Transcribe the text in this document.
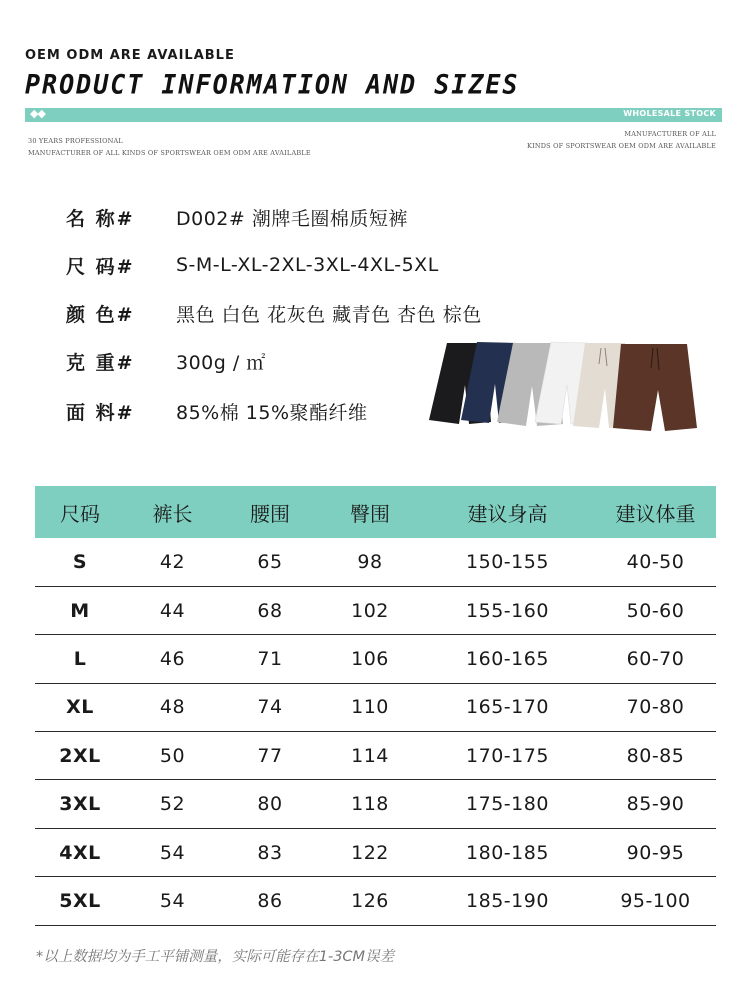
OEM ODM ARE AVAILABLE
PRODUCT INFORMATION AND SIZES
◆◆	WHOLESALE STOCK
30 YEARS PROFESSIONAL
MANUFACTURER OF ALL KINDS OF SPORTSWEAR OEM ODM ARE AVAILABLE
MANUFACTURER OF ALL
KINDS OF SPORTSWEAR OEM ODM ARE AVAILABLE
名 称#	D002# 潮牌毛圈棉质短裤
尺 码#	S-M-L-XL-2XL-3XL-4XL-5XL
颜 色#	黑色 白色 花灰色 藏青色 杏色 棕色
克 重#	300g / ㎡
面 料#	85%棉 15%聚酯纤维
尺码	裤长	腰围	臀围	建议身高	建议体重
S	42	65	98	150-155	40-50
M	44	68	102	155-160	50-60
L	46	71	106	160-165	60-70
XL	48	74	110	165-170	70-80
2XL	50	77	114	170-175	80-85
3XL	52	80	118	175-180	85-90
4XL	54	83	122	180-185	90-95
5XL	54	86	126	185-190	95-100
*以上数据均为手工平铺测量，实际可能存在1-3CM误差
